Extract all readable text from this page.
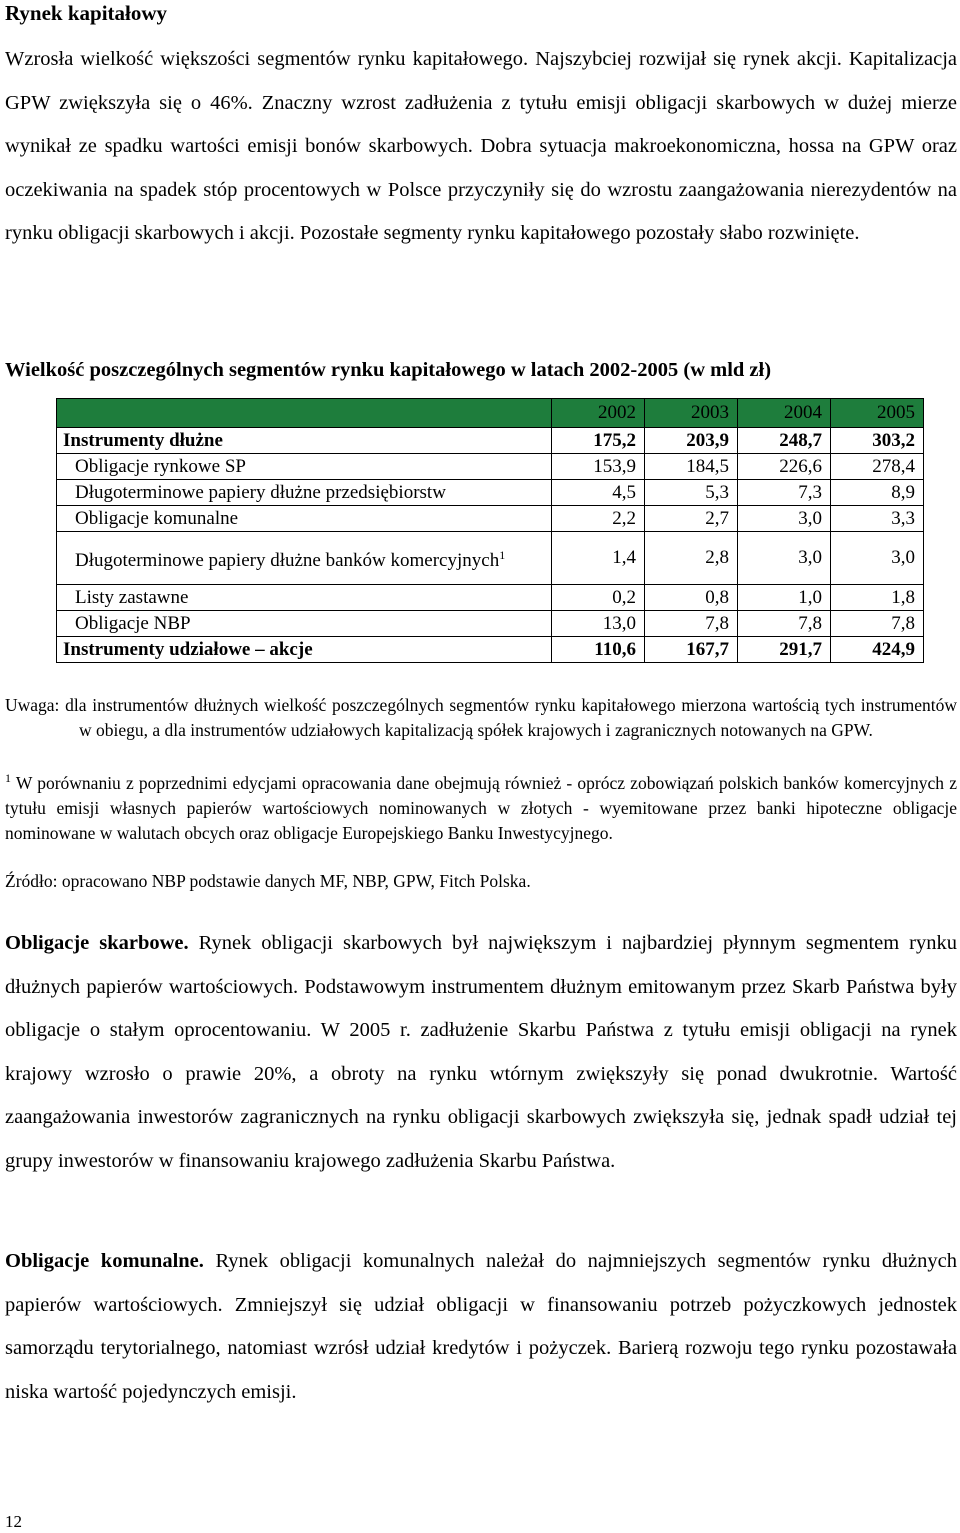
Rynek kapitałowy

Wzrosła wielkość większości segmentów rynku kapitałowego. Najszybciej rozwijał się rynek akcji. Kapitalizacja GPW zwiększyła się o 46%. Znaczny wzrost zadłużenia z tytułu emisji obligacji skarbowych w dużej mierze wynikał ze spadku wartości emisji bonów skarbowych. Dobra sytuacja makroekonomiczna, hossa na GPW oraz oczekiwania na spadek stóp procentowych w Polsce przyczyniły się do wzrostu zaangażowania nierezydentów na rynku obligacji skarbowych i akcji. Pozostałe segmenty rynku kapitałowego pozostały słabo rozwinięte.

Wielkość poszczególnych segmentów rynku kapitałowego w latach 2002-2005 (w mld zł)
	2002	2003	2004	2005
Instrumenty dłużne	175,2	203,9	248,7	303,2
Obligacje rynkowe SP	153,9	184,5	226,6	278,4
Długoterminowe papiery dłużne przedsiębiorstw	4,5	5,3	7,3	8,9
Obligacje komunalne	2,2	2,7	3,0	3,3
Długoterminowe papiery dłużne banków komercyjnych$^1$	1,4	2,8	3,0	3,0
Listy zastawne	0,2	0,8	1,0	1,8
Obligacje NBP	13,0	7,8	7,8	7,8
Instrumenty udziałowe – akcje	110,6	167,7	291,7	424,9

Uwaga: dla instrumentów dłużnych wielkość poszczególnych segmentów rynku kapitałowego mierzona wartością tych instrumentów w obiegu, a dla instrumentów udziałowych kapitalizacją spółek krajowych i zagranicznych notowanych na GPW.

$^1$ W porównaniu z poprzednimi edycjami opracowania dane obejmują również - oprócz zobowiązań polskich banków komercyjnych z tytułu emisji własnych papierów wartościowych nominowanych w złotych - wyemitowane przez banki hipoteczne obligacje nominowane w walutach obcych oraz obligacje Europejskiego Banku Inwestycyjnego.

Źródło: opracowano NBP podstawie danych MF, NBP, GPW, Fitch Polska.

Obligacje skarbowe. Rynek obligacji skarbowych był największym i najbardziej płynnym segmentem rynku dłużnych papierów wartościowych. Podstawowym instrumentem dłużnym emitowanym przez Skarb Państwa były obligacje o stałym oprocentowaniu. W 2005 r. zadłużenie Skarbu Państwa z tytułu emisji obligacji na rynek krajowy wzrosło o prawie 20%, a obroty na rynku wtórnym zwiększyły się ponad dwukrotnie. Wartość zaangażowania inwestorów zagranicznych na rynku obligacji skarbowych zwiększyła się, jednak spadł udział tej grupy inwestorów w finansowaniu krajowego zadłużenia Skarbu Państwa.

Obligacje komunalne. Rynek obligacji komunalnych należał do najmniejszych segmentów rynku dłużnych papierów wartościowych. Zmniejszył się udział obligacji w finansowaniu potrzeb pożyczkowych jednostek samorządu terytorialnego, natomiast wzrósł udział kredytów i pożyczek. Barierą rozwoju tego rynku pozostawała niska wartość pojedynczych emisji.

12
